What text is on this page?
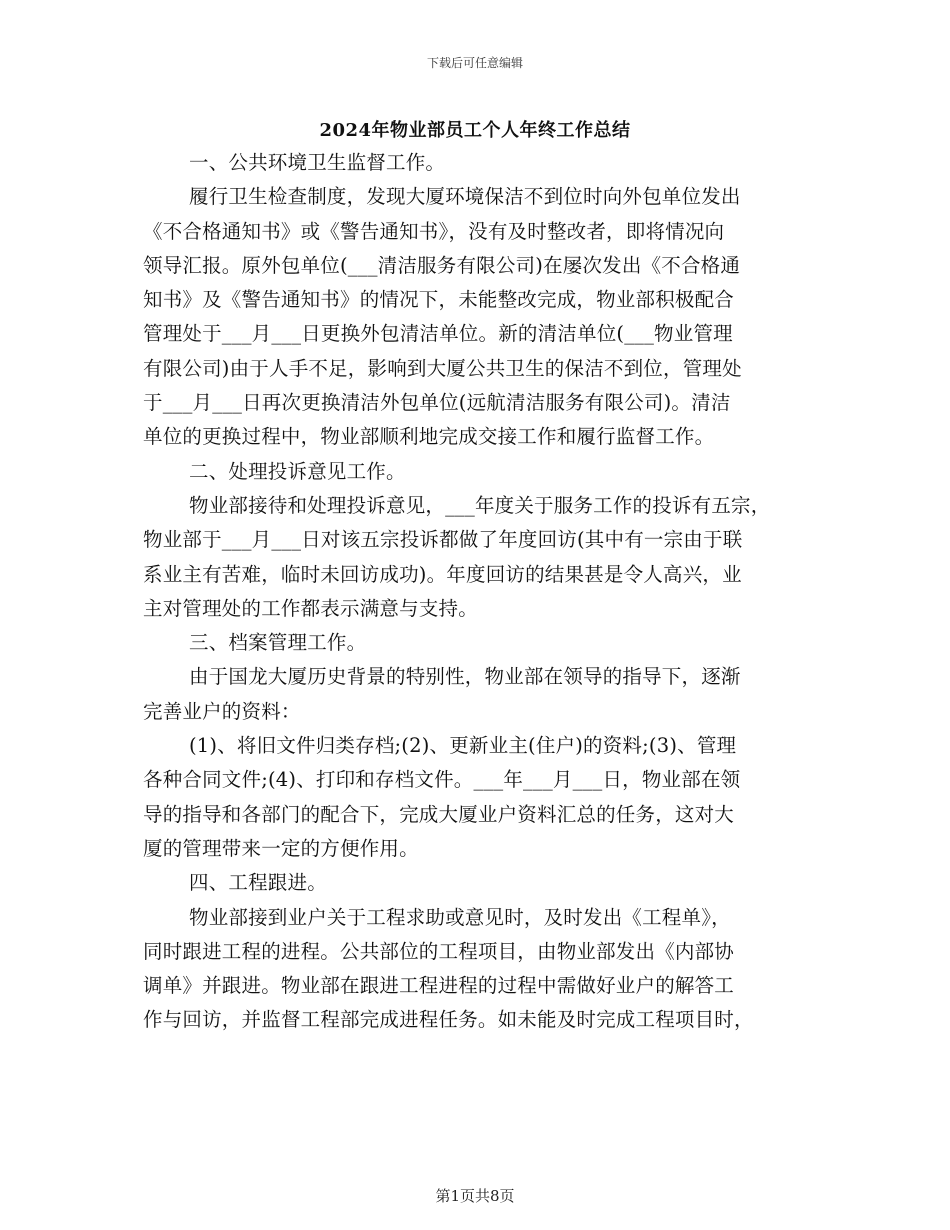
下载后可任意编辑
2024年物业部员工个人年终工作总结
一、公共环境卫生监督工作。
履行卫生检查制度，发现大厦环境保洁不到位时向外包单位发出
《不合格通知书》或《警告通知书》，没有及时整改者，即将情况向
领导汇报。原外包单位(___清洁服务有限公司)在屡次发出《不合格通
知书》及《警告通知书》的情况下，未能整改完成，物业部积极配合
管理处于___月___日更换外包清洁单位。新的清洁单位(___物业管理
有限公司)由于人手不足，影响到大厦公共卫生的保洁不到位，管理处
于___月___日再次更换清洁外包单位(远航清洁服务有限公司)。清洁
单位的更换过程中，物业部顺利地完成交接工作和履行监督工作。
二、处理投诉意见工作。
物业部接待和处理投诉意见，___年度关于服务工作的投诉有五宗，
物业部于___月___日对该五宗投诉都做了年度回访(其中有一宗由于联
系业主有苦难，临时未回访成功)。年度回访的结果甚是令人高兴，业
主对管理处的工作都表示满意与支持。
三、档案管理工作。
由于国龙大厦历史背景的特别性，物业部在领导的指导下，逐渐
完善业户的资料：
(1)、将旧文件归类存档;(2)、更新业主(住户)的资料;(3)、管理
各种合同文件;(4)、打印和存档文件。___年___月___日，物业部在领
导的指导和各部门的配合下，完成大厦业户资料汇总的任务，这对大
厦的管理带来一定的方便作用。
四、工程跟进。
物业部接到业户关于工程求助或意见时，及时发出《工程单》，
同时跟进工程的进程。公共部位的工程项目，由物业部发出《内部协
调单》并跟进。物业部在跟进工程进程的过程中需做好业户的解答工
作与回访，并监督工程部完成进程任务。如未能及时完成工程项目时，
第1页共8页
